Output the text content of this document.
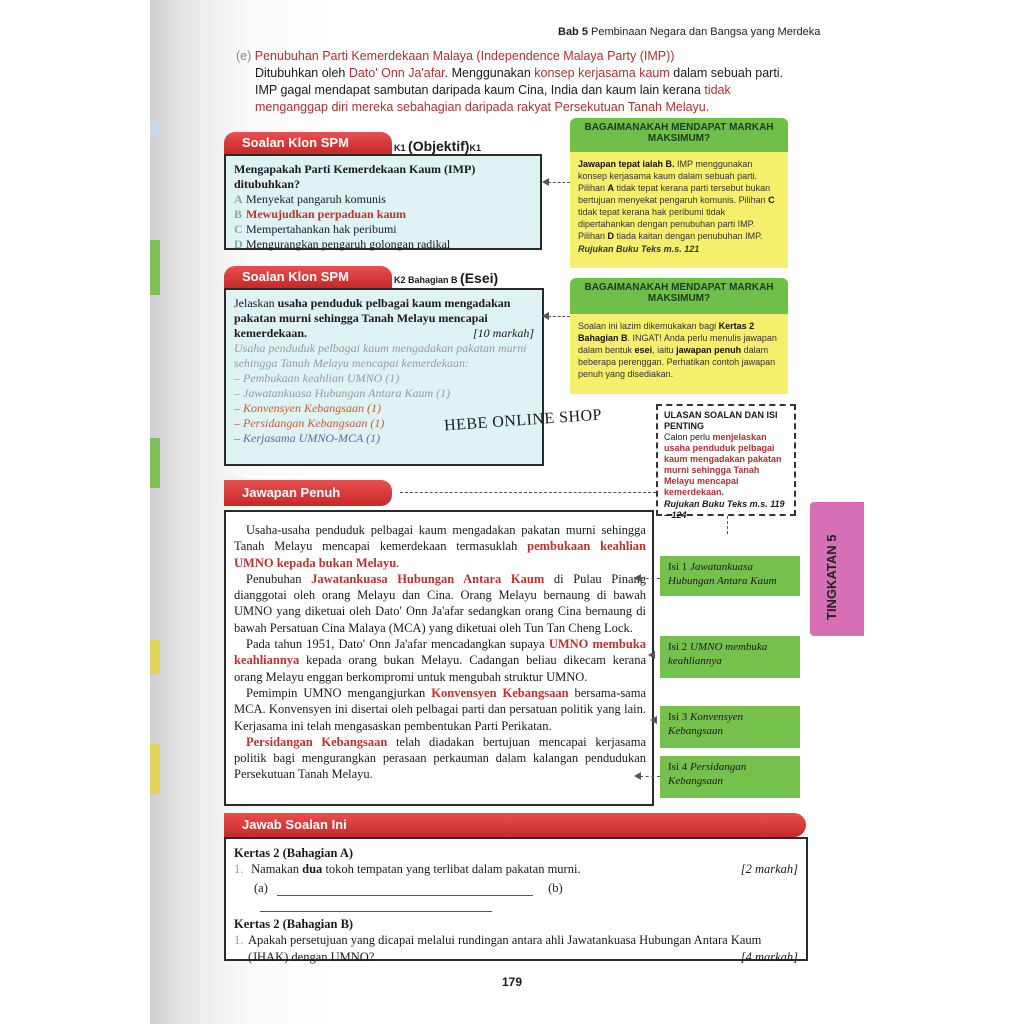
Bab 5 Pembinaan Negara dan Bangsa yang Merdeka
(e) Penubuhan Parti Kemerdekaan Malaya (Independence Malaya Party (IMP))
Ditubuhkan oleh Dato' Onn Ja'afar. Menggunakan konsep kerjasama kaum dalam sebuah parti. IMP gagal mendapat sambutan daripada kaum Cina, India dan kaum lain kerana tidak menganggap diri mereka sebahagian daripada rakyat Persekutuan Tanah Melayu.
Soalan Klon SPM	K1 (Objektif)K1
Mengapakah Parti Kemerdekaan Kaum (IMP) ditubuhkan?
A Menyekat pangaruh komunis
B Mewujudkan perpaduan kaum
C Mempertahankan hak peribumi
D Mengurangkan pengaruh golongan radikal
BAGAIMANAKAH MENDAPAT MARKAH MAKSIMUM?
Jawapan tepat ialah B. IMP menggunakan konsep kerjasama kaum dalam sebuah parti. Pilihan A tidak tepat kerana parti tersebut bukan bertujuan menyekat pengaruh komunis. Pilihan C tidak tepat kerana hak peribumi tidak dipertahankan dengan penubuhan parti IMP. Pilihan D tiada kaitan dengan penubuhan IMP.
Rujukan Buku Teks m.s. 121
Soalan Klon SPM	K2 Bahagian B (Esei)
Jelaskan usaha penduduk pelbagai kaum mengadakan pakatan murni sehingga Tanah Melayu mencapai kemerdekaan.	[10 markah]
Usaha penduduk pelbagai kaum mengadakan pakatan murni sehingga Tanah Melayu mencapai kemerdekaan:
– Pembukaan keahlian UMNO (1)
– Jawatankuasa Hubungan Antara Kaum (1)
– Konvensyen Kebangsaan (1)
– Persidangan Kebangsaan (1)
– Kerjasama UMNO-MCA (1)
BAGAIMANAKAH MENDAPAT MARKAH MAKSIMUM?
Soalan ini lazim dikemukakan bagi Kertas 2 Bahagian B. INGAT! Anda perlu menulis jawapan dalam bentuk esei, iaitu jawapan penuh dalam beberapa perenggan. Perhatikan contoh jawapan penuh yang disediakan.
ULASAN SOALAN DAN ISI PENTING
Calon perlu menjelaskan usaha penduduk pelbagai kaum mengadakan pakatan murni sehingga Tanah Melayu mencapai kemerdekaan.
Rujukan Buku Teks m.s. 119 – 124
HEBE ONLINE SHOP
Jawapan Penuh

Usaha-usaha penduduk pelbagai kaum mengadakan pakatan murni sehingga Tanah Melayu mencapai kemerdekaan termasuklah pembukaan keahlian UMNO kepada bukan Melayu.

Penubuhan Jawatankuasa Hubungan Antara Kaum di Pulau Pinang dianggotai oleh orang Melayu dan Cina. Orang Melayu bernaung di bawah UMNO yang diketuai oleh Dato' Onn Ja'afar sedangkan orang Cina bernaung di bawah Persatuan Cina Malaya (MCA) yang diketuai oleh Tun Tan Cheng Lock.

Pada tahun 1951, Dato' Onn Ja'afar mencadangkan supaya UMNO membuka keahliannya kepada orang bukan Melayu. Cadangan beliau dikecam kerana orang Melayu enggan berkompromi untuk mengubah struktur UMNO.

Pemimpin UMNO mengangjurkan Konvensyen Kebangsaan bersama-sama MCA. Konvensyen ini disertai oleh pelbagai parti dan persatuan politik yang lain. Kerjasama ini telah mengasaskan pembentukan Parti Perikatan.

Persidangan Kebangsaan telah diadakan bertujuan mencapai kerjasama politik bagi mengurangkan perasaan perkauman dalam kalangan pendudukan Persekutuan Tanah Melayu.

Isi 1 Jawatankuasa Hubungan Antara Kaum
Isi 2 UMNO membuka keahliannya
Isi 3 Konvensyen Kebangsaan
Isi 4 Persidangan Kebangsaan
TINGKATAN 5
Jawab Soalan Ini
Kertas 2 (Bahagian A)
1. Namakan dua tokoh tempatan yang terlibat dalam pakatan murni.	[2 markah]
(a)	(b)
Kertas 2 (Bahagian B)
1. Apakah persetujuan yang dicapai melalui rundingan antara ahli Jawatankuasa Hubungan Antara Kaum (JHAK) dengan UMNO?	[4 markah]
179
